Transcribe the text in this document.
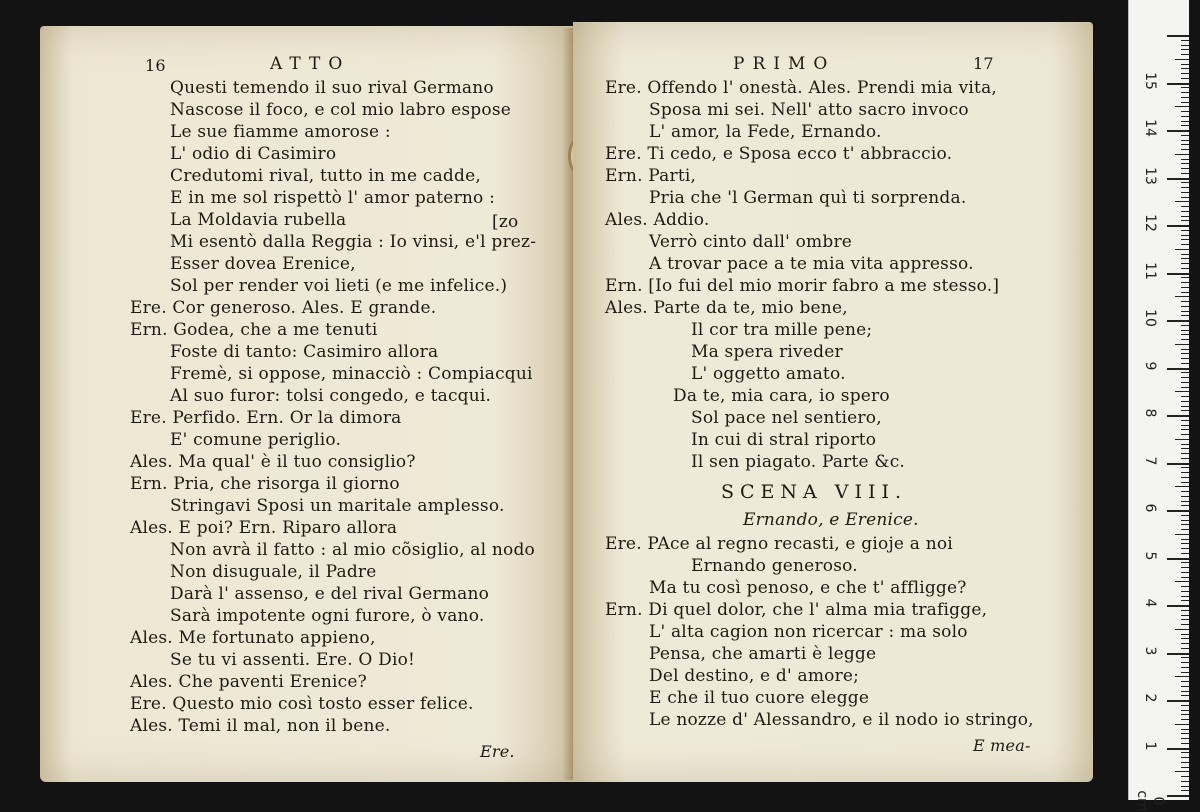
16	ATTO
Questi temendo il suo rival Germano
Nascose il foco, e col mio labro espose
Le sue fiamme amorose :
L' odio di Casimiro
Credutomi rival, tutto in me cadde,
E in me sol rispettò l' amor paterno :
La Moldavia rubella	[zo
Mi esentò dalla Reggia : Io vinsi, e'l prez-
Esser dovea Erenice,
Sol per render voi lieti (e me infelice.)
Ere. Cor generoso. Ales. E grande.
Ern. Godea, che a me tenuti
Foste di tanto: Casimiro allora
Fremè, si oppose, minacciò : Compiacqui
Al suo furor: tolsi congedo, e tacqui.
Ere. Perfido. Ern. Or la dimora
E' comune periglio.
Ales. Ma qual' è il tuo consiglio?
Ern. Pria, che risorga il giorno
Stringavi Sposi un maritale amplesso.
Ales. E poi? Ern. Riparo allora
Non avrà il fatto : al mio cõsiglio, al nodo
Non disuguale, il Padre
Darà l' assenso, e del rival Germano
Sarà impotente ogni furore, ò vano.
Ales. Me fortunato appieno,
Se tu vi assenti. Ere. O Dio!
Ales. Che paventi Erenice?
Ere. Questo mio così tosto esser felice.
Ales. Temi il mal, non il bene.
Ere.
PRIMO	17
Ere. Offendo l' onestà. Ales. Prendi mia vita,
Sposa mi sei. Nell' atto sacro invoco
L' amor, la Fede, Ernando.
Ere. Ti cedo, e Sposa ecco t' abbraccio.
Ern. Parti,
Pria che 'l German quì ti sorprenda.
Ales. Addio.
Verrò cinto dall' ombre
A trovar pace a te mia vita appresso.
Ern. [Io fui del mio morir fabro a me stesso.]
Ales. Parte da te, mio bene,
Il cor tra mille pene;
Ma spera riveder
L' oggetto amato.
Da te, mia cara, io spero
Sol pace nel sentiero,
In cui di stral riporto
Il sen piagato. Parte &c.
SCENA VIII.
Ernando, e Erenice.
Ere. PAce al regno recasti, e gioje a noi
Ernando generoso.
Ma tu così penoso, e che t' affligge?
Ern. Di quel dolor, che l' alma mia trafigge,
L' alta cagion non ricercar : ma solo
Pensa, che amarti è legge
Del destino, e d' amore;
E che il tuo cuore elegge
Le nozze d' Alessandro, e il nodo io stringo,
E mea-
0 cm
1
2
3
4
5
6
7
8
9
10
11
12
13
14
15
